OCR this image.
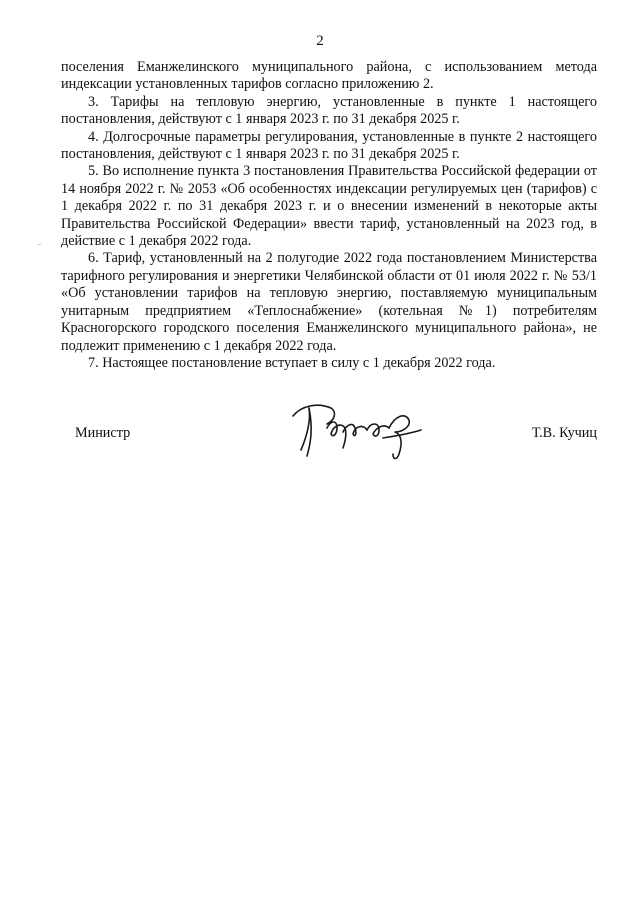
2

поселения Еманжелинского муниципального района, с использованием метода индексации установленных тарифов согласно приложению 2.

3. Тарифы на тепловую энергию, установленные в пункте 1 настоящего постановления, действуют с 1 января 2023 г. по 31 декабря 2025 г.

4. Долгосрочные параметры регулирования, установленные в пункте 2 настоящего постановления, действуют с 1 января 2023 г. по 31 декабря 2025 г.

5. Во исполнение пункта 3 постановления Правительства Российской федерации от 14 ноября 2022 г. № 2053 «Об особенностях индексации регулируемых цен (тарифов) с 1 декабря 2022 г. по 31 декабря 2023 г. и о внесении изменений в некоторые акты Правительства Российской Федерации» ввести тариф, установленный на 2023 год, в действие с 1 декабря 2022 года.

6. Тариф, установленный на 2 полугодие 2022 года постановлением Министерства тарифного регулирования и энергетики Челябинской области от 01 июля 2022 г. № 53/1 «Об установлении тарифов на тепловую энергию, поставляемую муниципальным унитарным предприятием «Теплоснабжение» (котельная №1) потребителям Красногорского городского поселения Еманжелинского муниципального района», не подлежит применению с 1 декабря 2022 года.

7. Настоящее постановление вступает в силу с 1 декабря 2022 года.

Министр	Т.В. Кучиц
